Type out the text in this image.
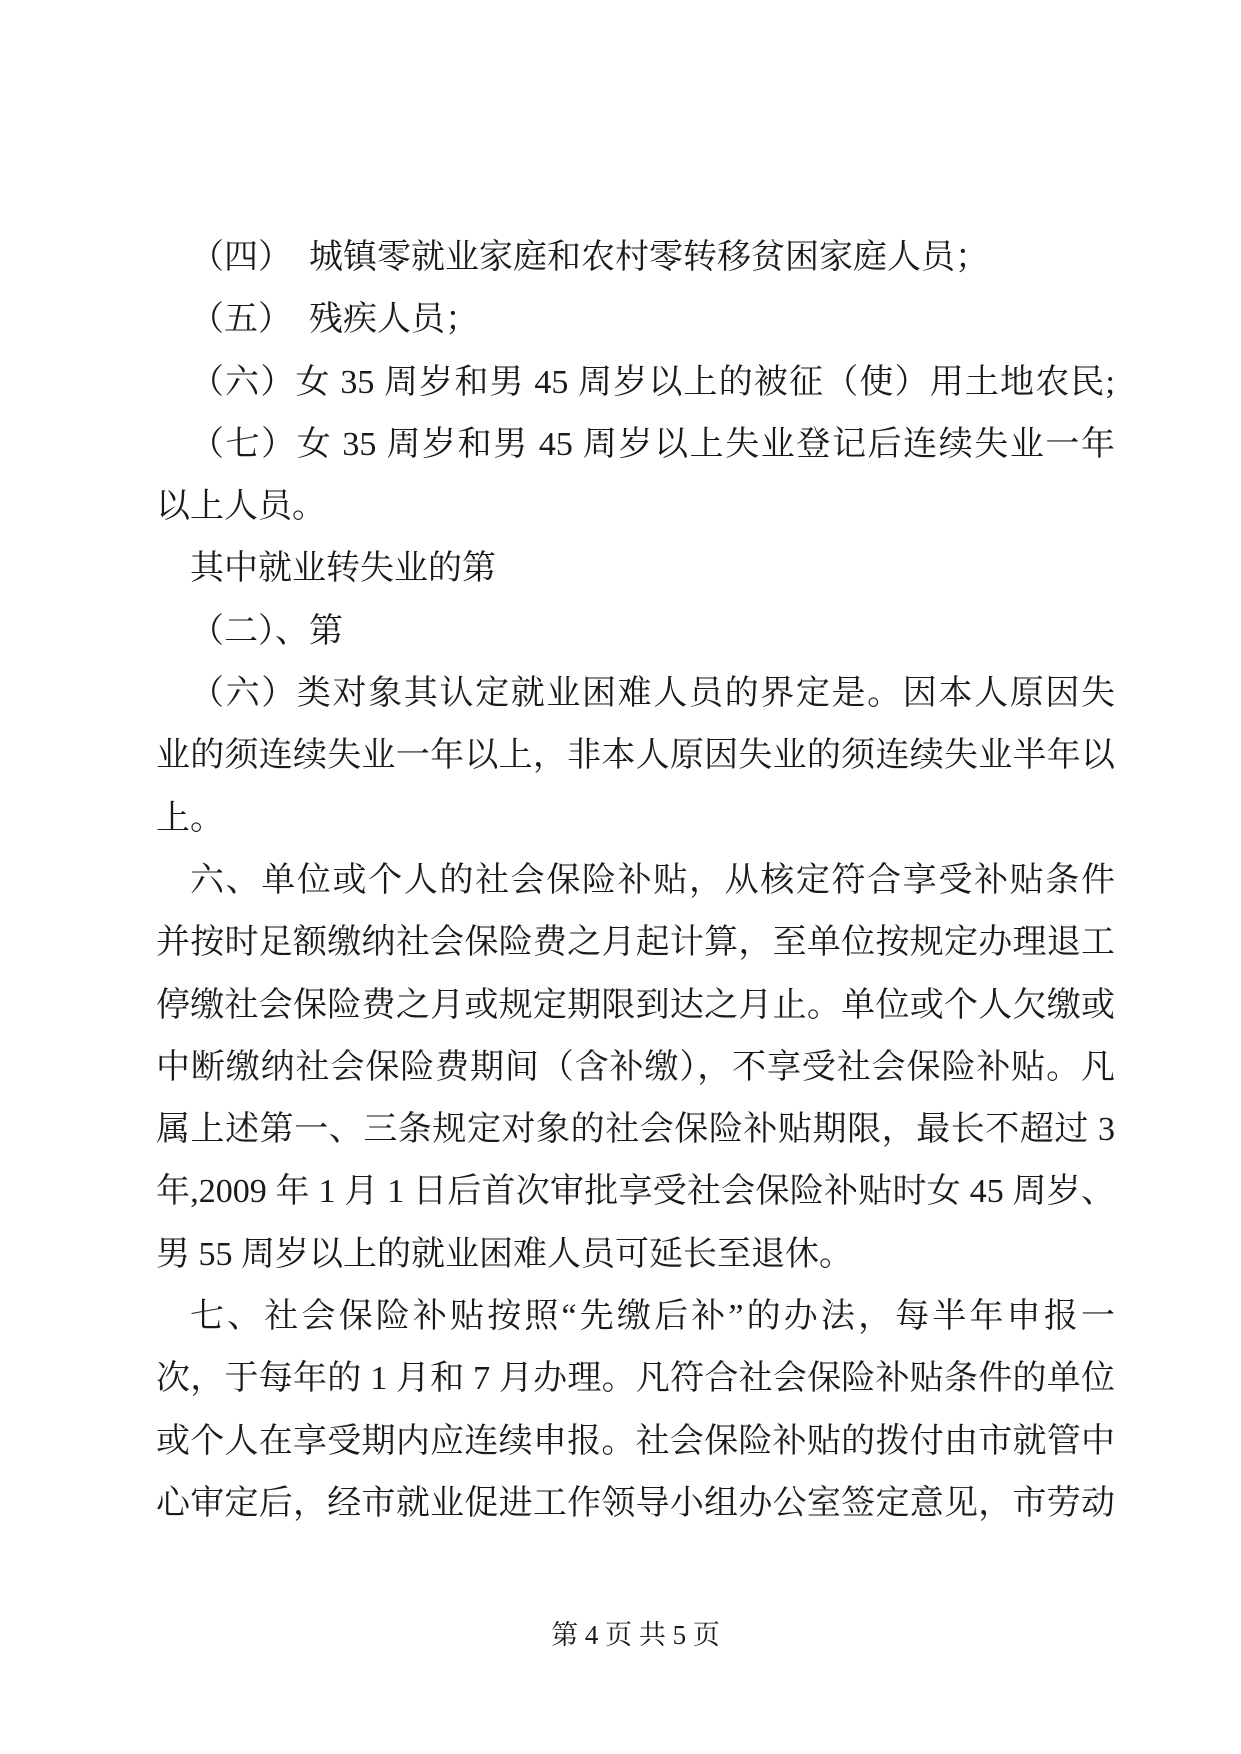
（四）　城镇零就业家庭和农村零转移贫困家庭人员；
（五）　残疾人员；
（六）女 35 周岁和男 45 周岁以上的被征（使）用土地农民;
（七）女 35 周岁和男 45 周岁以上失业登记后连续失业一年
以上人员。
其中就业转失业的第
（二）、第
（六）类对象其认定就业困难人员的界定是。因本人原因失
业的须连续失业一年以上，非本人原因失业的须连续失业半年以
上。
六、单位或个人的社会保险补贴，从核定符合享受补贴条件
并按时足额缴纳社会保险费之月起计算，至单位按规定办理退工
停缴社会保险费之月或规定期限到达之月止。单位或个人欠缴或
中断缴纳社会保险费期间（含补缴），不享受社会保险补贴。凡
属上述第一、三条规定对象的社会保险补贴期限，最长不超过 3
年,2009 年 1 月 1 日后首次审批享受社会保险补贴时女 45 周岁、
男 55 周岁以上的就业困难人员可延长至退休。
七、社会保险补贴按照“先缴后补”的办法，每半年申报一
次，于每年的 1 月和 7 月办理。凡符合社会保险补贴条件的单位
或个人在享受期内应连续申报。社会保险补贴的拨付由市就管中
心审定后，经市就业促进工作领导小组办公室签定意见，市劳动
第 4 页 共 5 页
